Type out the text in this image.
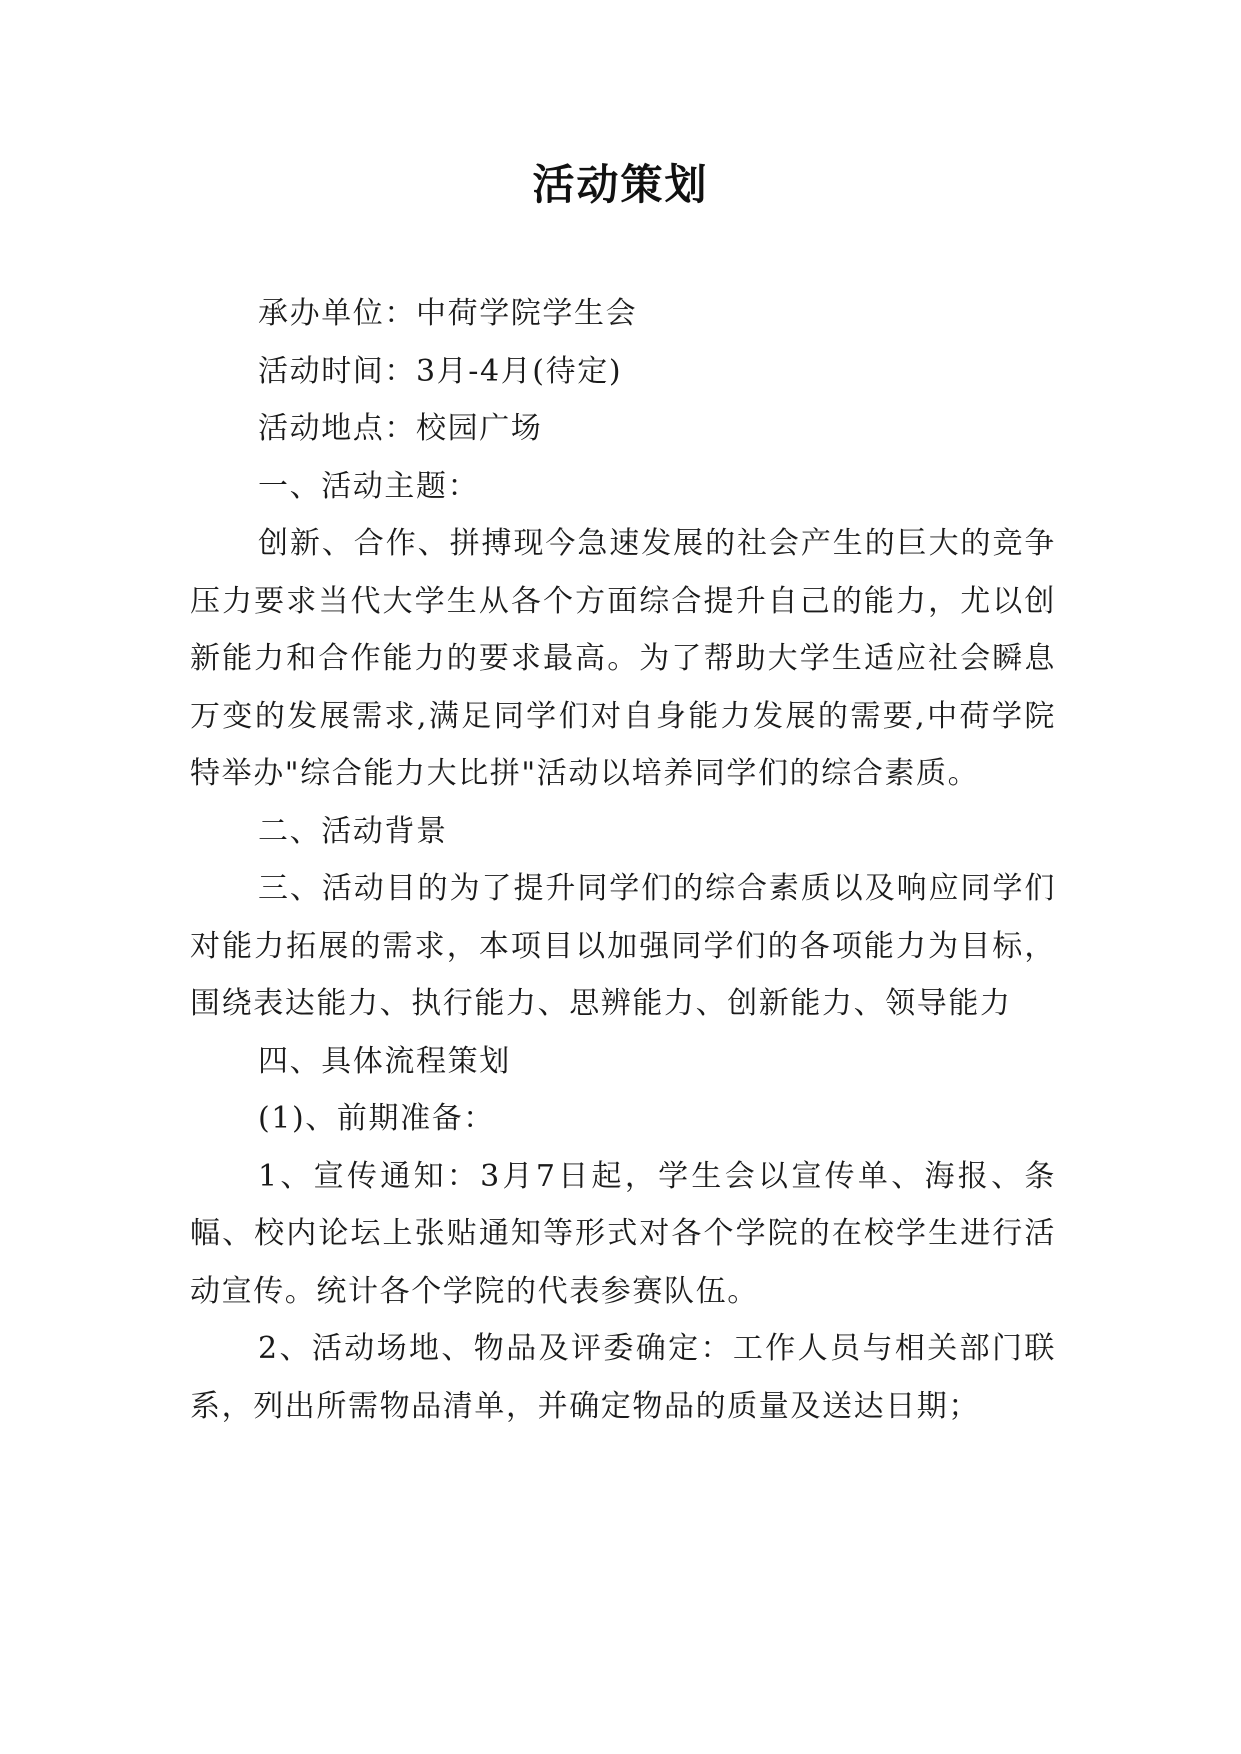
活动策划

承办单位：中荷学院学生会

活动时间：3月-4月(待定)

活动地点：校园广场

一、活动主题：

创新、合作、拼搏现今急速发展的社会产生的巨大的竞争压力要求当代大学生从各个方面综合提升自己的能力，尤以创新能力和合作能力的要求最高。为了帮助大学生适应社会瞬息万变的发展需求,满足同学们对自身能力发展的需要,中荷学院特举办"综合能力大比拼"活动以培养同学们的综合素质。

二、活动背景

三、活动目的为了提升同学们的综合素质以及响应同学们对能力拓展的需求，本项目以加强同学们的各项能力为目标，围绕表达能力、执行能力、思辨能力、创新能力、领导能力

四、具体流程策划

(1)、前期准备：

1、宣传通知：3月7日起，学生会以宣传单、海报、条幅、校内论坛上张贴通知等形式对各个学院的在校学生进行活动宣传。统计各个学院的代表参赛队伍。

2、活动场地、物品及评委确定：工作人员与相关部门联系，列出所需物品清单，并确定物品的质量及送达日期；
